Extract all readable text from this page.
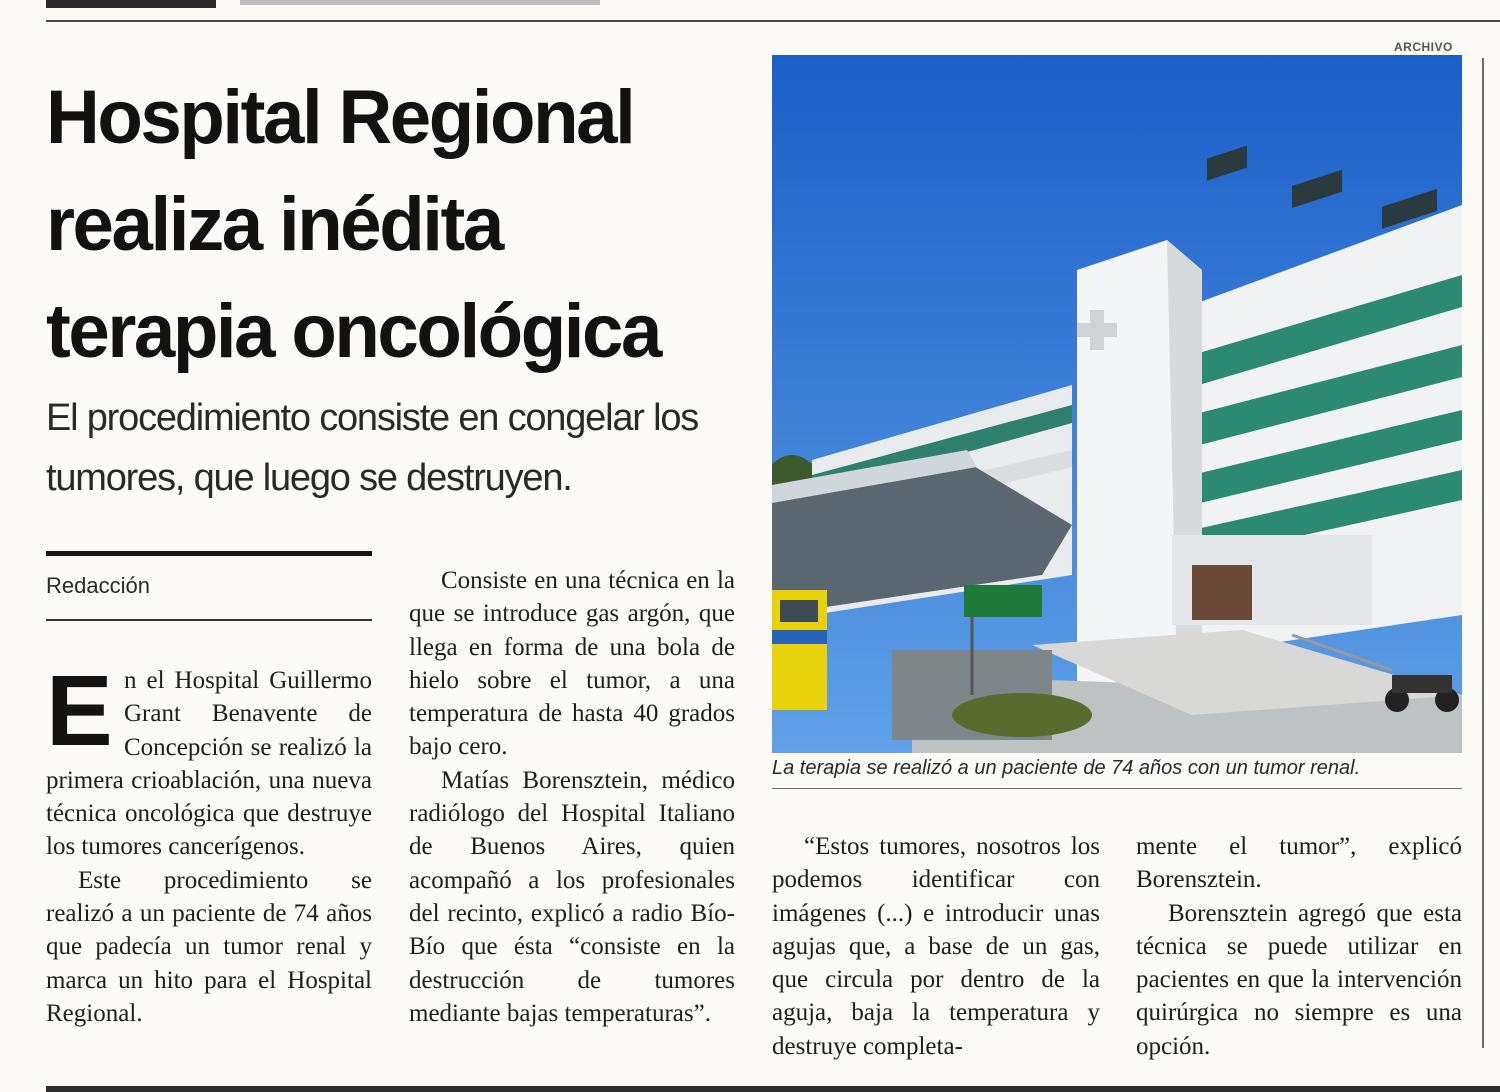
Hospital Regional
realiza inédita
terapia oncológica
El procedimiento consiste en congelar los
tumores, que luego se destruyen.
Redacción

En el Hospital Guillermo Grant Benavente de Concepción se realizó la primera crioablación, una nueva técnica oncológica que destruye los tumores cancerígenos.

Este procedimiento se realizó a un paciente de 74 años que padecía un tumor renal y marca un hito para el Hospital Regional.

Consiste en una técnica en la que se introduce gas argón, que llega en forma de una bola de hielo sobre el tumor, a una temperatura de hasta 40 grados bajo cero.

Matías Borensztein, médico radiólogo del Hospital Italiano de Buenos Aires, quien acompañó a los profesionales del recinto, explicó a radio Bío-Bío que ésta “consiste en la destrucción de tumores mediante bajas temperaturas”.

ARCHIVO
La terapia se realizó a un paciente de 74 años con un tumor renal.

“Estos tumores, nosotros los podemos identificar con imágenes (...) e introducir unas agujas que, a base de un gas, que circula por dentro de la aguja, baja la temperatura y destruye completa-

mente el tumor”, explicó Borensztein.

Borensztein agregó que esta técnica se puede utilizar en pacientes en que la intervención quirúrgica no siempre es una opción.
